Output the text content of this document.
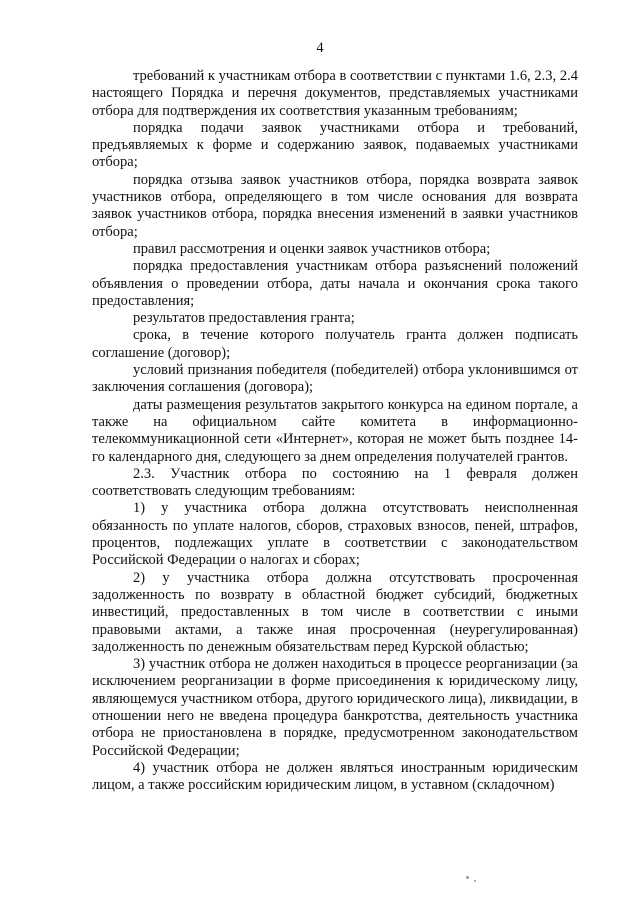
4

требований к участникам отбора в соответствии с пунктами 1.6, 2.3, 2.4 настоящего Порядка и перечня документов, представляемых участниками отбора для подтверждения их соответствия указанным требованиям;

порядка подачи заявок участниками отбора и требований, предъявляемых к форме и содержанию заявок, подаваемых участниками отбора;

порядка отзыва заявок участников отбора, порядка возврата заявок участников отбора, определяющего в том числе основания для возврата заявок участников отбора, порядка внесения изменений в заявки участников отбора;

правил рассмотрения и оценки заявок участников отбора;

порядка предоставления участникам отбора разъяснений положений объявления о проведении отбора, даты начала и окончания срока такого предоставления;

результатов предоставления гранта;

срока, в течение которого получатель гранта должен подписать соглашение (договор);

условий признания победителя (победителей) отбора уклонившимся от заключения соглашения (договора);

даты размещения результатов закрытого конкурса на едином портале, а также на официальном сайте комитета в информационно-телекоммуникационной сети «Интернет», которая не может быть позднее 14-го календарного дня, следующего за днем определения получателей грантов.

2.3. Участник отбора по состоянию на 1 февраля должен соответствовать следующим требованиям:

1) у участника отбора должна отсутствовать неисполненная обязанность по уплате налогов, сборов, страховых взносов, пеней, штрафов, процентов, подлежащих уплате в соответствии с законодательством Российской Федерации о налогах и сборах;

2) у участника отбора должна отсутствовать просроченная задолженность по возврату в областной бюджет субсидий, бюджетных инвестиций, предоставленных в том числе в соответствии с иными правовыми актами, а также иная просроченная (неурегулированная) задолженность по денежным обязательствам перед Курской областью;

3) участник отбора не должен находиться в процессе реорганизации (за исключением реорганизации в форме присоединения к юридическому лицу, являющемуся участником отбора, другого юридического лица), ликвидации, в отношении него не введена процедура банкротства, деятельность участника отбора не приостановлена в порядке, предусмотренном законодательством Российской Федерации;

4) участник отбора не должен являться иностранным юридическим лицом, а также российским юридическим лицом, в уставном (складочном)
